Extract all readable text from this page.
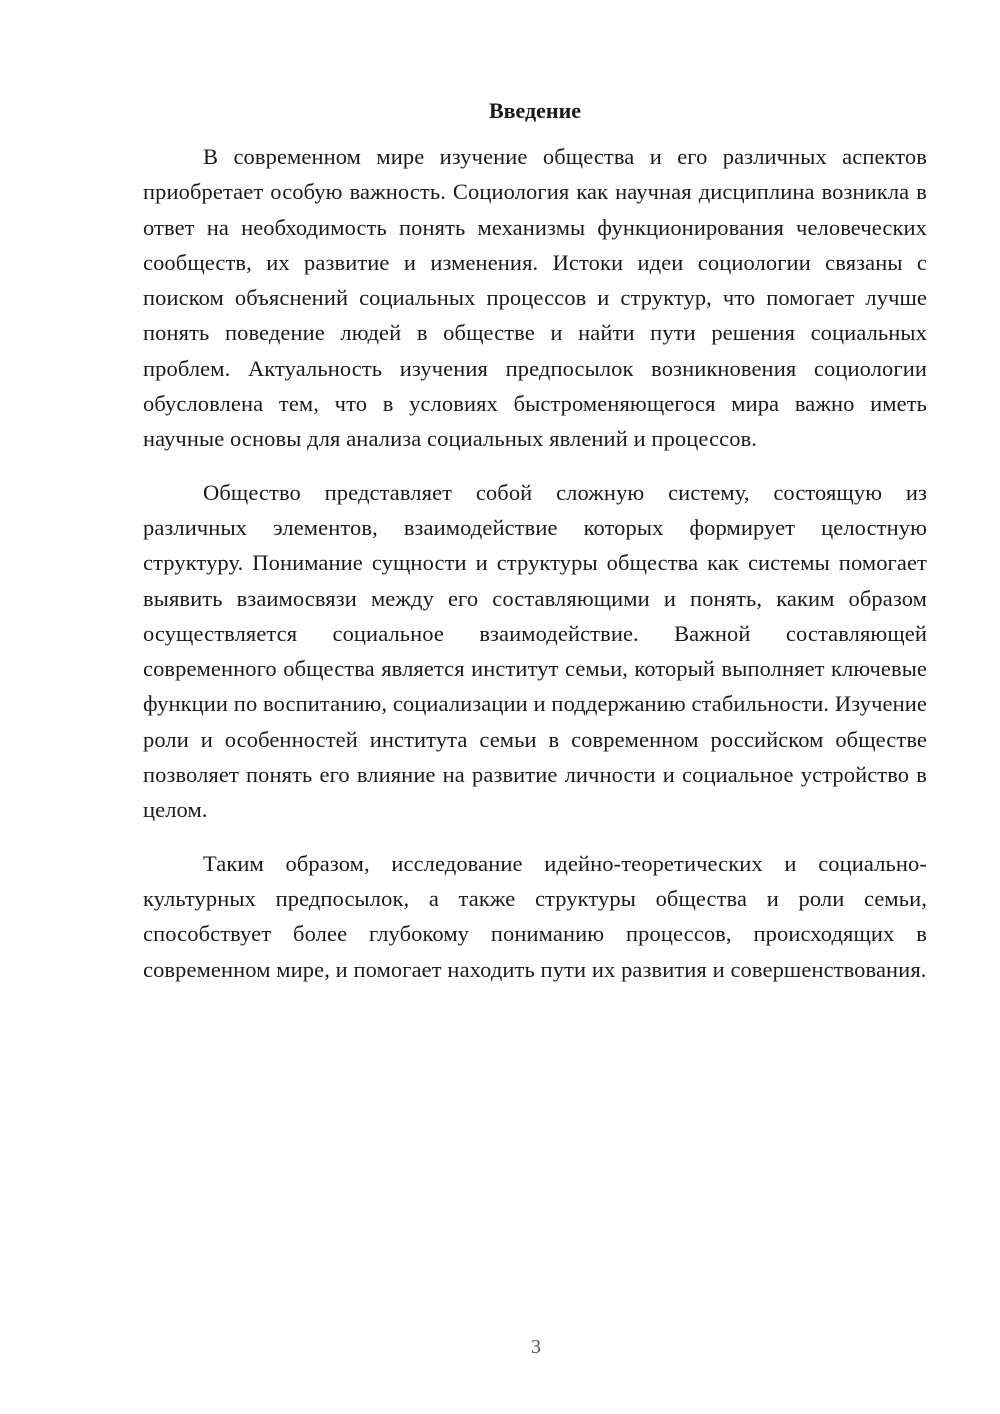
Введение

В современном мире изучение общества и его различных аспектов приобретает особую важность. Социология как научная дисциплина возникла в ответ на необходимость понять механизмы функционирования человеческих сообществ, их развитие и изменения. Истоки идеи социологии связаны с поиском объяснений социальных процессов и структур, что помогает лучше понять поведение людей в обществе и найти пути решения социальных проблем. Актуальность изучения предпосылок возникновения социологии обусловлена тем, что в условиях быстроменяющегося мира важно иметь научные основы для анализа социальных явлений и процессов.

Общество представляет собой сложную систему, состоящую из различных элементов, взаимодействие которых формирует целостную структуру. Понимание сущности и структуры общества как системы помогает выявить взаимосвязи между его составляющими и понять, каким образом осуществляется социальное взаимодействие. Важной составляющей современного общества является институт семьи, который выполняет ключевые функции по воспитанию, социализации и поддержанию стабильности. Изучение роли и особенностей института семьи в современном российском обществе позволяет понять его влияние на развитие личности и социальное устройство в целом.

Таким образом, исследование идейно-теоретических и социально-культурных предпосылок, а также структуры общества и роли семьи, способствует более глубокому пониманию процессов, происходящих в современном мире, и помогает находить пути их развития и совершенствования.

3
